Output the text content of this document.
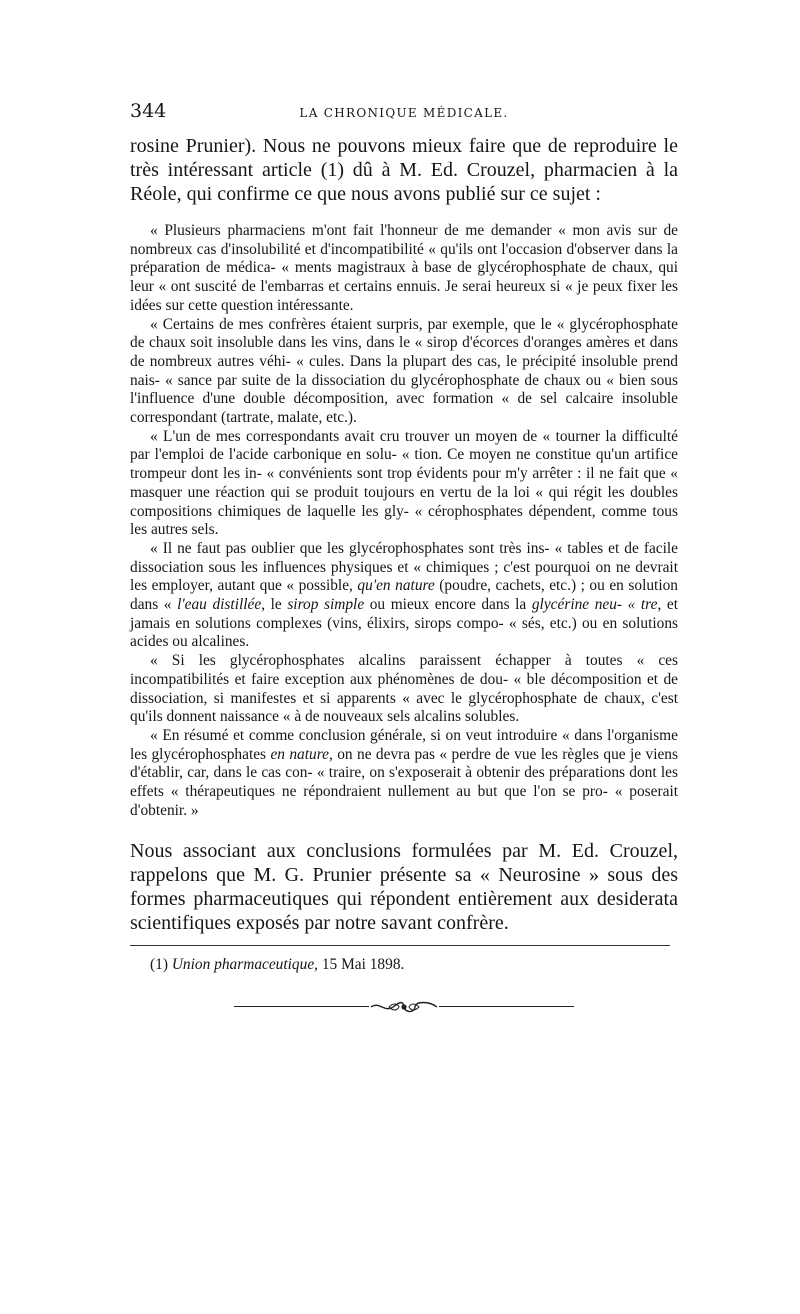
344	LA CHRONIQUE MÉDICALE.

rosine Prunier). Nous ne pouvons mieux faire que de reproduire le très intéressant article (1) dû à M. Ed. Crouzel, pharmacien à la Réole, qui confirme ce que nous avons publié sur ce sujet :

« Plusieurs pharmaciens m'ont fait l'honneur de me demander « mon avis sur de nombreux cas d'insolubilité et d'incompatibilité « qu'ils ont l'occasion d'observer dans la préparation de médica- « ments magistraux à base de glycérophosphate de chaux, qui leur « ont suscité de l'embarras et certains ennuis. Je serai heureux si « je peux fixer les idées sur cette question intéressante.

« Certains de mes confrères étaient surpris, par exemple, que le « glycérophosphate de chaux soit insoluble dans les vins, dans le « sirop d'écorces d'oranges amères et dans de nombreux autres véhi- « cules. Dans la plupart des cas, le précipité insoluble prend nais- « sance par suite de la dissociation du glycérophosphate de chaux ou « bien sous l'influence d'une double décomposition, avec formation « de sel calcaire insoluble correspondant (tartrate, malate, etc.).

« L'un de mes correspondants avait cru trouver un moyen de « tourner la difficulté par l'emploi de l'acide carbonique en solu- « tion. Ce moyen ne constitue qu'un artifice trompeur dont les in- « convénients sont trop évidents pour m'y arrêter : il ne fait que « masquer une réaction qui se produit toujours en vertu de la loi « qui régit les doubles compositions chimiques de laquelle les gly- « cérophosphates dépendent, comme tous les autres sels.

« Il ne faut pas oublier que les glycérophosphates sont très ins- « tables et de facile dissociation sous les influences physiques et « chimiques ; c'est pourquoi on ne devrait les employer, autant que « possible, qu'en nature (poudre, cachets, etc.) ; ou en solution dans « l'eau distillée, le sirop simple ou mieux encore dans la glycérine neu- « tre, et jamais en solutions complexes (vins, élixirs, sirops compo- « sés, etc.) ou en solutions acides ou alcalines.

« Si les glycérophosphates alcalins paraissent échapper à toutes « ces incompatibilités et faire exception aux phénomènes de dou- « ble décomposition et de dissociation, si manifestes et si apparents « avec le glycérophosphate de chaux, c'est qu'ils donnent naissance « à de nouveaux sels alcalins solubles.

« En résumé et comme conclusion générale, si on veut introduire « dans l'organisme les glycérophosphates en nature, on ne devra pas « perdre de vue les règles que je viens d'établir, car, dans le cas con- « traire, on s'exposerait à obtenir des préparations dont les effets « thérapeutiques ne répondraient nullement au but que l'on se pro- « poserait d'obtenir. »

Nous associant aux conclusions formulées par M. Ed. Crouzel, rappelons que M. G. Prunier présente sa « Neurosine » sous des formes pharmaceutiques qui répondent entièrement aux desiderata scientifiques exposés par notre savant confrère.

(1) Union pharmaceutique, 15 Mai 1898.
